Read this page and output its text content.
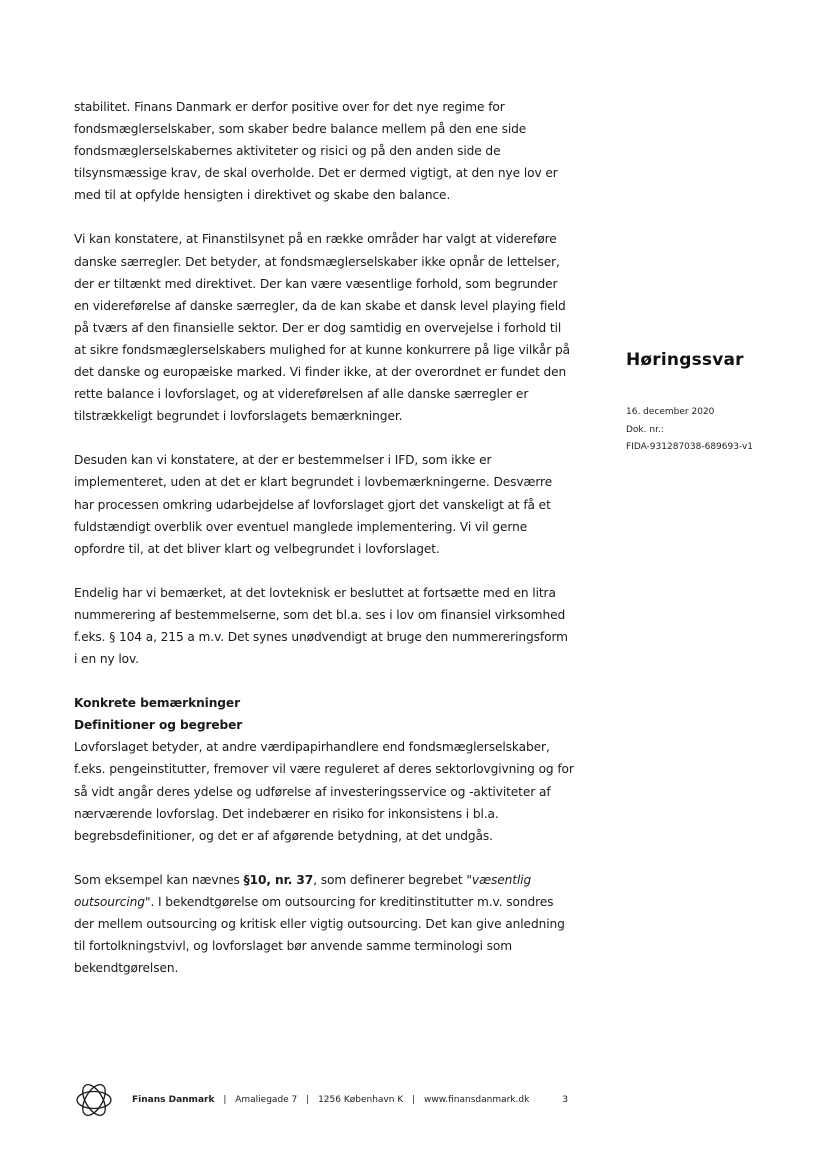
stabilitet. Finans Danmark er derfor positive over for det nye regime for fondsmæglerselskaber, som skaber bedre balance mellem på den ene side fondsmæglerselskabernes aktiviteter og risici og på den anden side de tilsynsmæssige krav, de skal overholde. Det er dermed vigtigt, at den nye lov er med til at opfylde hensigten i direktivet og skabe den balance.

Vi kan konstatere, at Finanstilsynet på en række områder har valgt at videreføre danske særregler. Det betyder, at fondsmæglerselskaber ikke opnår de lettelser, der er tiltænkt med direktivet. Der kan være væsentlige forhold, som begrunder en videreførelse af danske særregler, da de kan skabe et dansk level playing field på tværs af den finansielle sektor. Der er dog samtidig en overvejelse i forhold til at sikre fondsmæglerselskabers mulighed for at kunne konkurrere på lige vilkår på det danske og europæiske marked. Vi finder ikke, at der overordnet er fundet den rette balance i lovforslaget, og at videreførelsen af alle danske særregler er tilstrækkeligt begrundet i lovforslagets bemærkninger.

Desuden kan vi konstatere, at der er bestemmelser i IFD, som ikke er implementeret, uden at det er klart begrundet i lovbemærkningerne. Desværre har processen omkring udarbejdelse af lovforslaget gjort det vanskeligt at få et fuldstændigt overblik over eventuel manglede implementering. Vi vil gerne opfordre til, at det bliver klart og velbegrundet i lovforslaget.

Endelig har vi bemærket, at det lovteknisk er besluttet at fortsætte med en litra nummerering af bestemmelserne, som det bl.a. ses i lov om finansiel virksomhed f.eks. § 104 a, 215 a m.v. Det synes unødvendigt at bruge den nummereringsform i en ny lov.

Konkrete bemærkninger
Definitioner og begreber

Lovforslaget betyder, at andre værdipapirhandlere end fondsmæglerselskaber, f.eks. pengeinstitutter, fremover vil være reguleret af deres sektorlovgivning og for så vidt angår deres ydelse og udførelse af investeringsservice og -aktiviteter af nærværende lovforslag. Det indebærer en risiko for inkonsistens i bl.a. begrebsdefinitioner, og det er af afgørende betydning, at det undgås.

Som eksempel kan nævnes §10, nr. 37, som definerer begrebet "væsentlig outsourcing". I bekendtgørelse om outsourcing for kreditinstitutter m.v. sondres der mellem outsourcing og kritisk eller vigtig outsourcing. Det kan give anledning til fortolkningstvivl, og lovforslaget bør anvende samme terminologi som bekendtgørelsen.

Høringssvar
16. december 2020
Dok. nr.:
FIDA-931287038-689693-v1
Finans Danmark | Amaliegade 7 | 1256 København K | www.finansdanmark.dk	3
